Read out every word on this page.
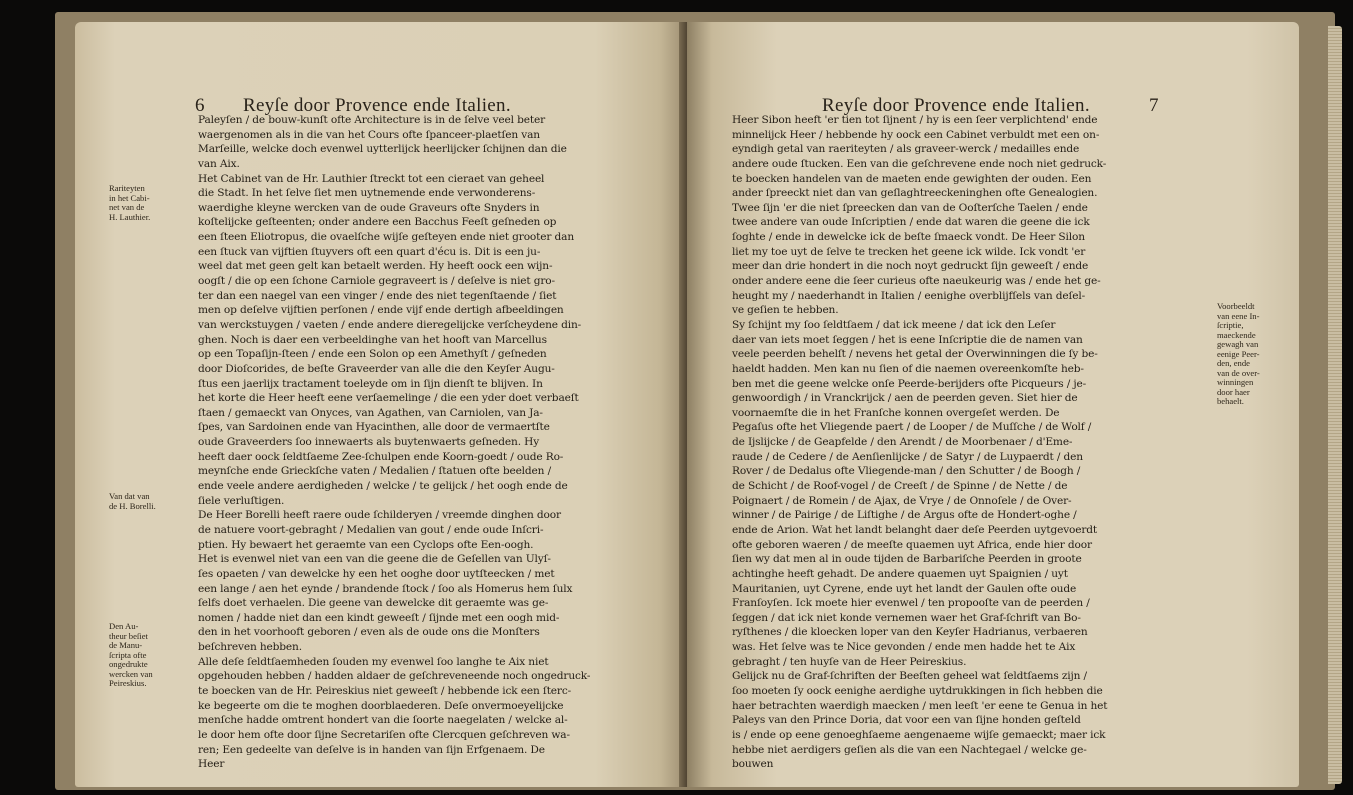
6 Reyſe door Provence ende Italien.
Paleyſen / de bouw-kunſt ofte Architecture is in de ſelve veel beter
waergenomen als in die van het Cours ofte ſpanceer-plaetſen van
Marſeille, welcke doch evenwel uytterlijck heerlijcker ſchijnen dan die
van Aix.
Het Cabinet van de Hr. Lauthier ſtreckt tot een cieraet van geheel
die Stadt. In het ſelve ſiet men uytnemende ende verwonderens-
waerdighe kleyne wercken van de oude Graveurs ofte Snyders in
koſtelijcke geſteenten; onder andere een Bacchus Feeſt geſneden op
een ſteen Eliotropus, die ovaelſche wijſe geſteyen ende niet grooter dan
een ſtuck van vijftien ſtuyvers oft een quart d'écu is. Dit is een ju-
weel dat met geen gelt kan betaelt werden. Hy heeft oock een wijn-
oogſt / die op een ſchone Carniole gegraveert is / deſelve is niet gro-
ter dan een naegel van een vinger / ende des niet tegenſtaende / ſiet
men op deſelve vijftien perſonen / ende vijf ende dertigh afbeeldingen
van werckstuygen / vaeten / ende andere dieregelijcke verſcheydene din-
ghen. Noch is daer een verbeeldinghe van het hooft van Marcellus
op een Topaſijn-ſteen / ende een Solon op een Amethyſt / geſneden
door Dioſcorides, de beſte Graveerder van alle die den Keyſer Augu-
ſtus een jaerlijx tractament toeleyde om in ſijn dienſt te blijven. In
het korte die Heer heeft eene verſaemelinge / die een yder doet verbaeſt
ſtaen / gemaeckt van Onyces, van Agathen, van Carniolen, van Ja-
ſpes, van Sardoinen ende van Hyacinthen, alle door de vermaertſte
oude Graveerders ſoo innewaerts als buytenwaerts geſneden. Hy
heeft daer oock ſeldtſaeme Zee-ſchulpen ende Koorn-goedt / oude Ro-
meynſche ende Grieckſche vaten / Medalien / ſtatuen ofte beelden /
ende veele andere aerdigheden / welcke / te gelijck / het oogh ende de
ſiele verluſtigen.
De Heer Borelli heeft raere oude ſchilderyen / vreemde dinghen door
de natuere voort-gebraght / Medalien van gout / ende oude Inſcri-
ptien. Hy bewaert het geraemte van een Cyclops ofte Een-oogh.
Het is evenwel niet van een van die geene die de Geſellen van Ulyſ-
ſes opaeten / van dewelcke hy een het ooghe door uytſteecken / met
een lange / aen het eynde / brandende ſtock / ſoo als Homerus hem ſulx
ſelfs doet verhaelen. Die geene van dewelcke dit geraemte was ge-
nomen / hadde niet dan een kindt geweeſt / ſijnde met een oogh mid-
den in het voorhooft geboren / even als de oude ons die Monſters
beſchreven hebben.
Alle deſe ſeldtſaemheden ſouden my evenwel ſoo langhe te Aix niet
opgehouden hebben / hadden aldaer de geſchreveneende noch ongedruck-
te boecken van de Hr. Peireskius niet geweeſt / hebbende ick een ſterc-
ke begeerte om die te moghen doorblaederen. Deſe onvermoeyelijcke
menſche hadde omtrent hondert van die ſoorte naegelaten / welcke al-
le door hem ofte door ſijne Secretariſen ofte Clercquen geſchreven wa-
ren; Een gedeelte van deſelve is in handen van ſijn Erfgenaem. De
Heer
Rariteyten
in het Cabi-
net van de
H. Lauthier.
Van dat van
de H. Borelli.
Den Au-
theur beſiet
de Manu-
ſcripta ofte
ongedrukte
wercken van
Peireskius.
Reyſe door Provence ende Italien.	7
Heer Sibon heeft 'er tien tot ſijnent / hy is een ſeer verplichtend' ende
minnelijck Heer / hebbende hy oock een Cabinet verbuldt met een on-
eyndigh getal van raeriteyten / als graveer-werck / medailles ende
andere oude ſtucken. Een van die geſchrevene ende noch niet gedruck-
te boecken handelen van de maeten ende gewighten der ouden. Een
ander ſpreeckt niet dan van geſlaghtreeckeninghen ofte Genealogien.
Twee ſijn 'er die niet ſpreecken dan van de Ooſterſche Taelen / ende
twee andere van oude Inſcriptien / ende dat waren die geene die ick
ſoghte / ende in dewelcke ick de beſte ſmaeck vondt. De Heer Silon
liet my toe uyt de ſelve te trecken het geene ick wilde. Ick vondt 'er
meer dan drie hondert in die noch noyt gedruckt ſijn geweeſt / ende
onder andere eene die ſeer curieus ofte naeukeurig was / ende het ge-
heught my / naederhandt in Italien / eenighe overblijfſels van deſel-
ve geſien te hebben.
Sy ſchijnt my ſoo ſeldtſaem / dat ick meene / dat ick den Leſer
daer van iets moet ſeggen / het is eene Inſcriptie die de namen van
veele peerden behelſt / nevens het getal der Overwinningen die ſy be-
haeldt hadden. Men kan nu ſien of die naemen overeenkomſte heb-
ben met die geene welcke onſe Peerde-berijders ofte Picqueurs / je-
genwoordigh / in Vranckrijck / aen de peerden geven. Siet hier de
voornaemſte die in het Franſche konnen overgeſet werden. De
Pegaſus ofte het Vliegende paert / de Looper / de Muſſche / de Wolf /
de Ijslijcke / de Geapfelde / den Arendt / de Moorbenaer / d'Eme-
raude / de Cedere / de Aenſienlijcke / de Satyr / de Luypaerdt / den
Rover / de Dedalus ofte Vliegende-man / den Schutter / de Boogh /
de Schicht / de Roof-vogel / de Creeſt / de Spinne / de Nette / de
Poignaert / de Romein / de Ajax, de Vrye / de Onnoſele / de Over-
winner / de Pairige / de Liſtighe / de Argus ofte de Hondert-oghe /
ende de Arion. Wat het landt belanght daer deſe Peerden uytgevoerdt
ofte geboren waeren / de meeſte quaemen uyt Africa, ende hier door
ſien wy dat men al in oude tijden de Barbariſche Peerden in groote
achtinghe heeft gehadt. De andere quaemen uyt Spaignien / uyt
Mauritanien, uyt Cyrene, ende uyt het landt der Gaulen ofte oude
Franſoyſen. Ick moete hier evenwel / ten propooſte van de peerden /
ſeggen / dat ick niet konde vernemen waer het Graf-ſchrift van Bo-
ryſthenes / die kloecken loper van den Keyſer Hadrianus, verbaeren
was. Het ſelve was te Nice gevonden / ende men hadde het te Aix
gebraght / ten huyſe van de Heer Peireskius.
Gelijck nu de Graf-ſchriften der Beeſten geheel wat ſeldtſaems zijn /
ſoo moeten ſy oock eenighe aerdighe uytdrukkingen in ſich hebben die
haer betrachten waerdigh maecken / men leeſt 'er eene te Genua in het
Paleys van den Prince Doria, dat voor een van ſijne honden geſteld
is / ende op eene genoeghſaeme aengenaeme wijſe gemaeckt; maer ick
hebbe niet aerdigers geſien als die van een Nachtegael / welcke ge-
bouwen
Voorbeeldt
van eene In-
ſcriptie,
maeckende
gewagh van
eenige Peer-
den, ende
van de over-
winningen
door haer
behaelt.
